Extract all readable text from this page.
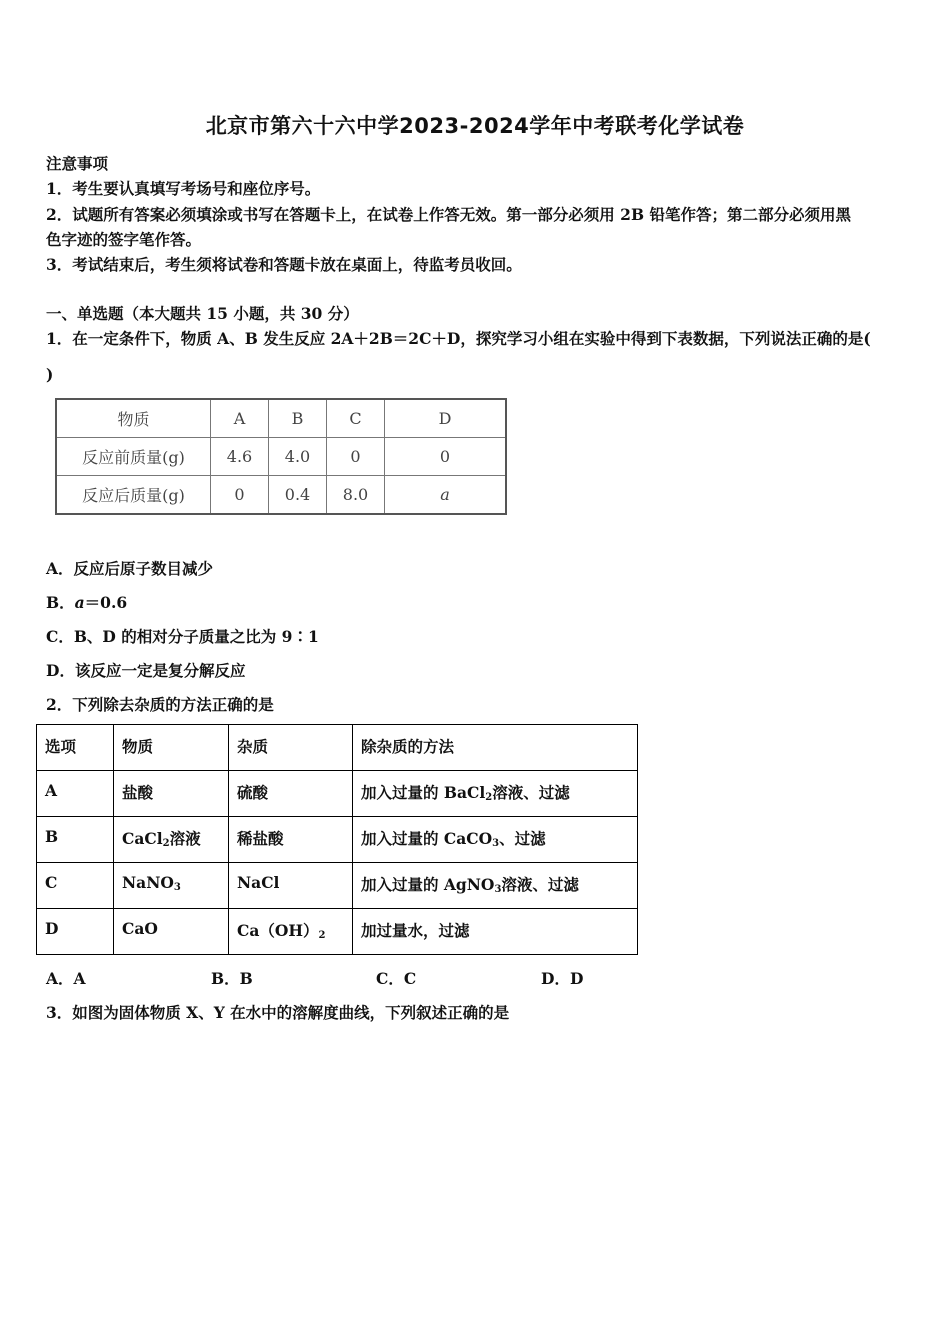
北京市第六十六中学2023-2024学年中考联考化学试卷
注意事项
1．考生要认真填写考场号和座位序号。
2．试题所有答案必须填涂或书写在答题卡上，在试卷上作答无效。第一部分必须用 2B 铅笔作答；第二部分必须用黑
色字迹的签字笔作答。
3．考试结束后，考生须将试卷和答题卡放在桌面上，待监考员收回。
一、单选题（本大题共 15 小题，共 30 分）
1．在一定条件下，物质 A、B 发生反应 2A＋2B＝2C＋D，探究学习小组在实验中得到下表数据，下列说法正确的是(
)
物质	A	B	C	D
反应前质量(g)	4.6	4.0	0	0
反应后质量(g)	0	0.4	8.0	a
A．反应后原子数目减少
B．a＝0.6
C．B、D 的相对分子质量之比为 9∶1
D．该反应一定是复分解反应
2．下列除去杂质的方法正确的是
选项	物质	杂质	除杂质的方法
A	盐酸	硫酸	加入过量的 BaCl$_2$溶液、过滤
B	CaCl$_2$溶液	稀盐酸	加入过量的 CaCO$_3$、过滤
C	NaNO$_3$	NaCl	加入过量的 AgNO$_3$溶液、过滤
D	CaO	$Ca(OH)_2$	加过量水，过滤
A．A	B．B	C．C	D．D
3．如图为固体物质 X、Y 在水中的溶解度曲线，下列叙述正确的是
